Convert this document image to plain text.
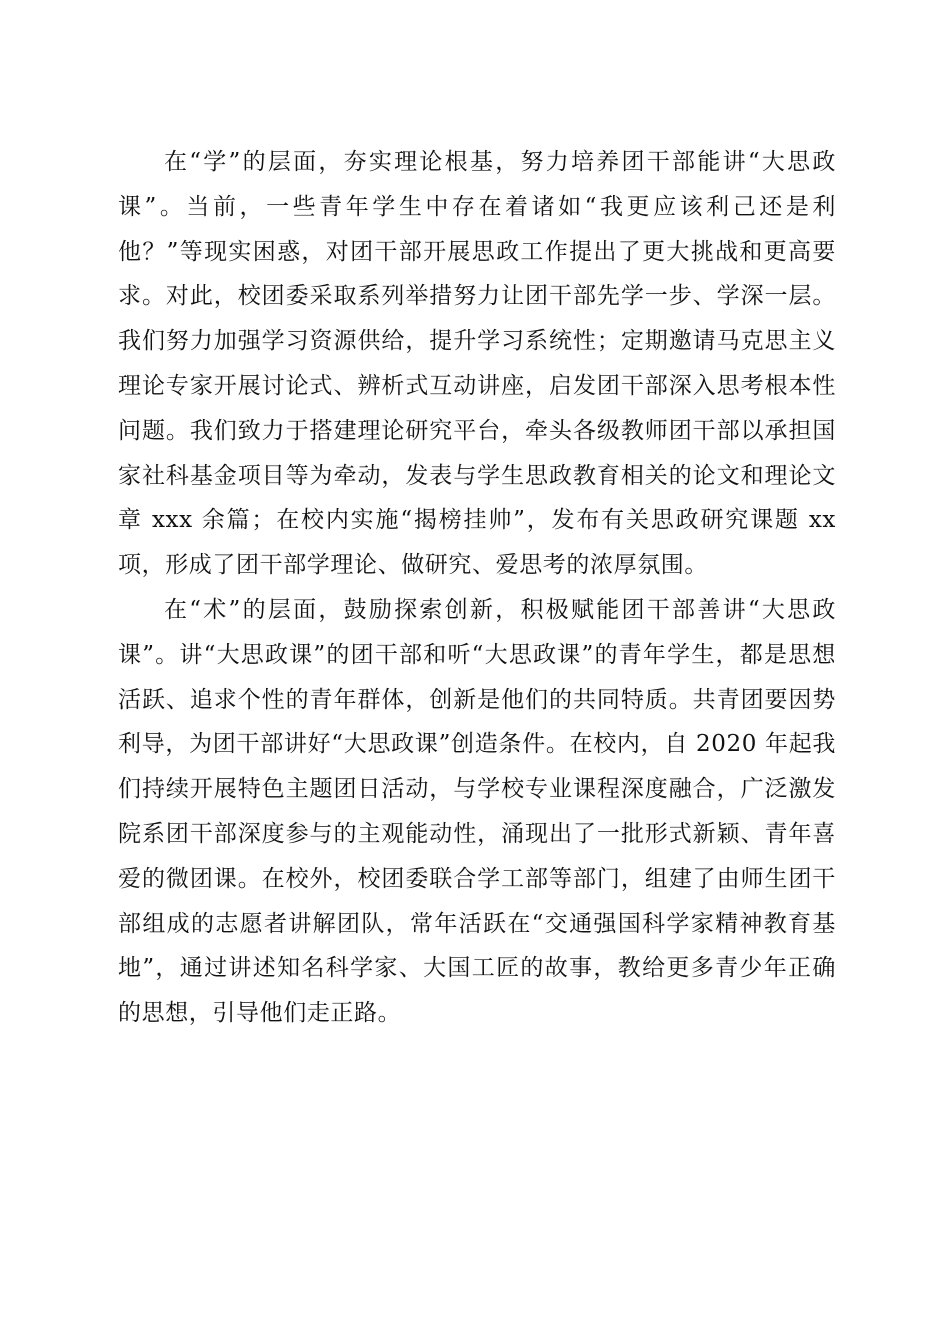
在“学”的层面，夯实理论根基，努力培养团干部能讲“大思政课”。当前，一些青年学生中存在着诸如“我更应该利己还是利他？”等现实困惑，对团干部开展思政工作提出了更大挑战和更高要求。对此，校团委采取系列举措努力让团干部先学一步、学深一层。我们努力加强学习资源供给，提升学习系统性；定期邀请马克思主义理论专家开展讨论式、辨析式互动讲座，启发团干部深入思考根本性问题。我们致力于搭建理论研究平台，牵头各级教师团干部以承担国家社科基金项目等为牵动，发表与学生思政教育相关的论文和理论文章 xxx 余篇；在校内实施“揭榜挂帅”，发布有关思政研究课题 xx 项，形成了团干部学理论、做研究、爱思考的浓厚氛围。

在“术”的层面，鼓励探索创新，积极赋能团干部善讲“大思政课”。讲“大思政课”的团干部和听“大思政课”的青年学生，都是思想活跃、追求个性的青年群体，创新是他们的共同特质。共青团要因势利导，为团干部讲好“大思政课”创造条件。在校内，自 2020 年起我们持续开展特色主题团日活动，与学校专业课程深度融合，广泛激发院系团干部深度参与的主观能动性，涌现出了一批形式新颖、青年喜爱的微团课。在校外，校团委联合学工部等部门，组建了由师生团干部组成的志愿者讲解团队，常年活跃在“交通强国科学家精神教育基地”，通过讲述知名科学家、大国工匠的故事，教给更多青少年正确的思想，引导他们走正路。
